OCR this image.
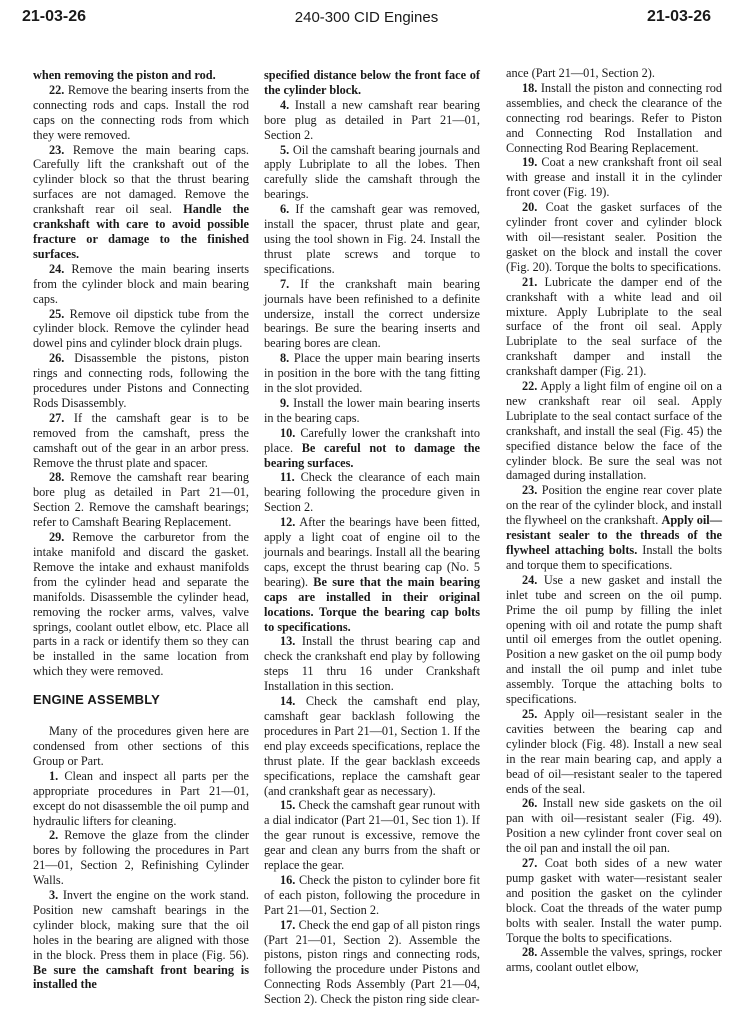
21-03-26	240-300 CID Engines	21-03-26

when removing the piston and rod.

22. Remove the bearing inserts from the connecting rods and caps. Install the rod caps on the connecting rods from which they were removed.

23. Remove the main bearing caps. Carefully lift the crankshaft out of the cylinder block so that the thrust bearing surfaces are not damaged. Remove the crankshaft rear oil seal. Handle the crankshaft with care to avoid possible fracture or damage to the finished surfaces.

24. Remove the main bearing inserts from the cylinder block and main bearing caps.

25. Remove oil dipstick tube from the cylinder block. Remove the cylinder head dowel pins and cylinder block drain plugs.

26. Disassemble the pistons, piston rings and connecting rods, following the procedures under Pistons and Connecting Rods Disassembly.

27. If the camshaft gear is to be removed from the camshaft, press the camshaft out of the gear in an arbor press. Remove the thrust plate and spacer.

28. Remove the camshaft rear bearing bore plug as detailed in Part 21—01, Section 2. Remove the camshaft bearings; refer to Camshaft Bearing Replacement.

29. Remove the carburetor from the intake manifold and discard the gasket. Remove the intake and exhaust manifolds from the cylinder head and separate the manifolds. Disassemble the cylinder head, removing the rocker arms, valves, valve springs, coolant outlet elbow, etc. Place all parts in a rack or identify them so they can be installed in the same location from which they were removed.

ENGINE ASSEMBLY

Many of the procedures given here are condensed from other sections of this Group or Part.

1. Clean and inspect all parts per the appropriate procedures in Part 21—01, except do not disassemble the oil pump and hydraulic lifters for cleaning.

2. Remove the glaze from the clinder bores by following the procedures in Part 21—01, Section 2, Refinishing Cylinder Walls.

3. Invert the engine on the work stand. Position new camshaft bearings in the cylinder block, making sure that the oil holes in the bearing are aligned with those in the block. Press them in place (Fig. 56). Be sure the camshaft front bearing is installed the

specified distance below the front face of the cylinder block.

4. Install a new camshaft rear bearing bore plug as detailed in Part 21—01, Section 2.

5. Oil the camshaft bearing journals and apply Lubriplate to all the lobes. Then carefully slide the camshaft through the bearings.

6. If the camshaft gear was removed, install the spacer, thrust plate and gear, using the tool shown in Fig. 24. Install the thrust plate screws and torque to specifications.

7. If the crankshaft main bearing journals have been refinished to a definite undersize, install the correct undersize bearings. Be sure the bearing inserts and bearing bores are clean.

8. Place the upper main bearing inserts in position in the bore with the tang fitting in the slot provided.

9. Install the lower main bearing inserts in the bearing caps.

10. Carefully lower the crankshaft into place. Be careful not to damage the bearing surfaces.

11. Check the clearance of each main bearing following the procedure given in Section 2.

12. After the bearings have been fitted, apply a light coat of engine oil to the journals and bearings. Install all the bearing caps, except the thrust bearing cap (No. 5 bearing). Be sure that the main bearing caps are installed in their original locations. Torque the bearing cap bolts to specifications.

13. Install the thrust bearing cap and check the crankshaft end play by following steps 11 thru 16 under Crankshaft Installation in this section.

14. Check the camshaft end play, camshaft gear backlash following the procedures in Part 21—01, Section 1. If the end play exceeds specifications, replace the thrust plate. If the gear backlash exceeds specifications, replace the camshaft gear (and crankshaft gear as necessary).

15. Check the camshaft gear runout with a dial indicator (Part 21—01, Sec tion 1). If the gear runout is excessive, remove the gear and clean any burrs from the shaft or replace the gear.

16. Check the piston to cylinder bore fit of each piston, following the procedure in Part 21—01, Section 2.

17. Check the end gap of all piston rings (Part 21—01, Section 2). Assemble the pistons, piston rings and connecting rods, following the procedure under Pistons and Connecting Rods Assembly (Part 21—04, Section 2). Check the piston ring side clear-

ance (Part 21—01, Section 2).

18. Install the piston and connecting rod assemblies, and check the clearance of the connecting rod bearings. Refer to Piston and Connecting Rod Installation and Connecting Rod Bearing Replacement.

19. Coat a new crankshaft front oil seal with grease and install it in the cylinder front cover (Fig. 19).

20. Coat the gasket surfaces of the cylinder front cover and cylinder block with oil—resistant sealer. Position the gasket on the block and install the cover (Fig. 20). Torque the bolts to specifications.

21. Lubricate the damper end of the crankshaft with a white lead and oil mixture. Apply Lubriplate to the seal surface of the front oil seal. Apply Lubriplate to the seal surface of the crankshaft damper and install the crankshaft damper (Fig. 21).

22. Apply a light film of engine oil on a new crankshaft rear oil seal. Apply Lubriplate to the seal contact surface of the crankshaft, and install the seal (Fig. 45) the specified distance below the face of the cylinder block. Be sure the seal was not damaged during installation.

23. Position the engine rear cover plate on the rear of the cylinder block, and install the flywheel on the crankshaft. Apply oil—resistant sealer to the threads of the flywheel attaching bolts. Install the bolts and torque them to specifications.

24. Use a new gasket and install the inlet tube and screen on the oil pump. Prime the oil pump by filling the inlet opening with oil and rotate the pump shaft until oil emerges from the outlet opening. Position a new gasket on the oil pump body and install the oil pump and inlet tube assembly. Torque the attaching bolts to specifications.

25. Apply oil—resistant sealer in the cavities between the bearing cap and cylinder block (Fig. 48). Install a new seal in the rear main bearing cap, and apply a bead of oil—resistant sealer to the tapered ends of the seal.

26. Install new side gaskets on the oil pan with oil—resistant sealer (Fig. 49). Position a new cylinder front cover seal on the oil pan and install the oil pan.

27. Coat both sides of a new water pump gasket with water—resistant sealer and position the gasket on the cylinder block. Coat the threads of the water pump bolts with sealer. Install the water pump. Torque the bolts to specifications.

28. Assemble the valves, springs, rocker arms, coolant outlet elbow,
